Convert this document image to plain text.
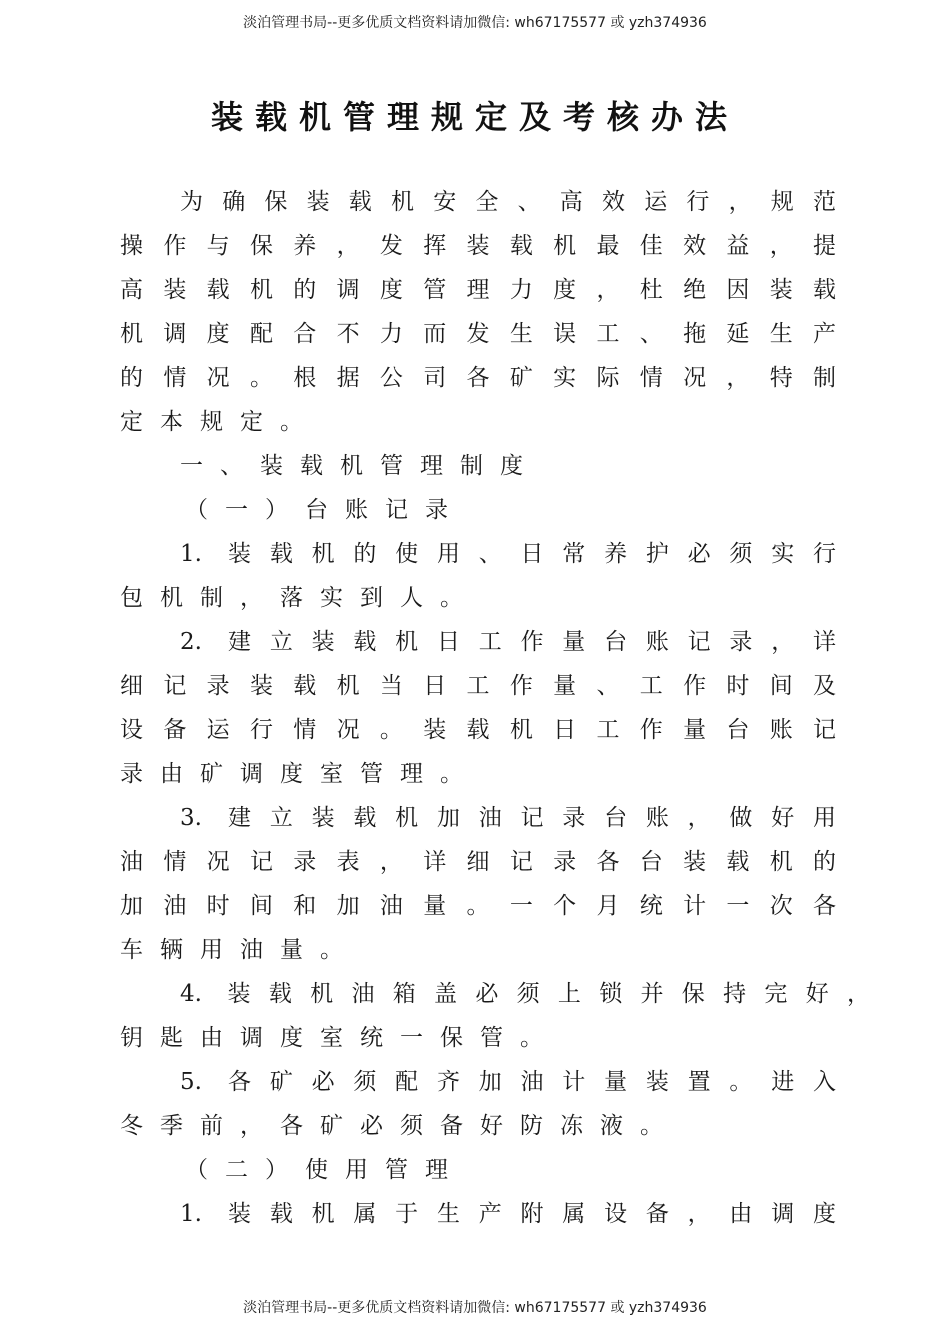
淡泊管理书局--更多优质文档资料请加微信: wh67175577 或 yzh374936
装载机管理规定及考核办法
为确保装载机安全、高效运行，规范
操作与保养，发挥装载机最佳效益，提
高装载机的调度管理力度，杜绝因装载
机调度配合不力而发生误工、拖延生产
的情况。根据公司各矿实际情况，特制
定本规定。
一、装载机管理制度
（一）台账记录
1. 装载机的使用、日常养护必须实行
包机制，落实到人。
2. 建立装载机日工作量台账记录，详
细记录装载机当日工作量、工作时间及
设备运行情况。装载机日工作量台账记
录由矿调度室管理。
3. 建立装载机加油记录台账，做好用
油情况记录表，详细记录各台装载机的
加油时间和加油量。一个月统计一次各
车辆用油量。
4. 装载机油箱盖必须上锁并保持完好，
钥匙由调度室统一保管。
5. 各矿必须配齐加油计量装置。进入
冬季前，各矿必须备好防冻液。
（二）使用管理
1. 装载机属于生产附属设备，由调度
淡泊管理书局--更多优质文档资料请加微信: wh67175577 或 yzh374936
